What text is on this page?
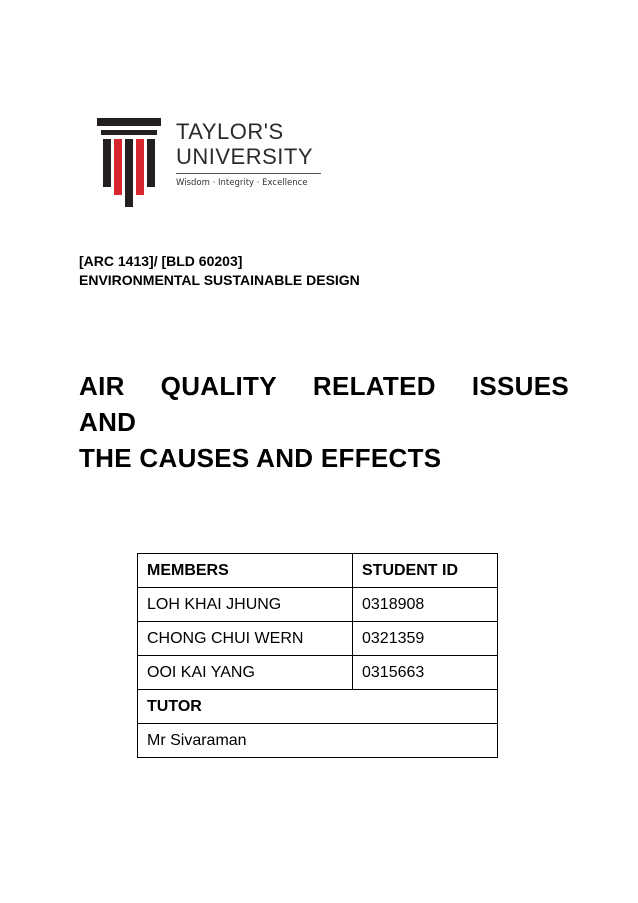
TAYLOR'S
UNIVERSITY
Wisdom · Integrity · Excellence
[ARC 1413]/ [BLD 60203]
ENVIRONMENTAL SUSTAINABLE DESIGN
AIR QUALITY RELATED ISSUES
AND
THE CAUSES AND EFFECTS
MEMBERS	STUDENT ID
LOH KHAI JHUNG	0318908
CHONG CHUI WERN	0321359
OOI KAI YANG	0315663
TUTOR	
Mr Sivaraman	
